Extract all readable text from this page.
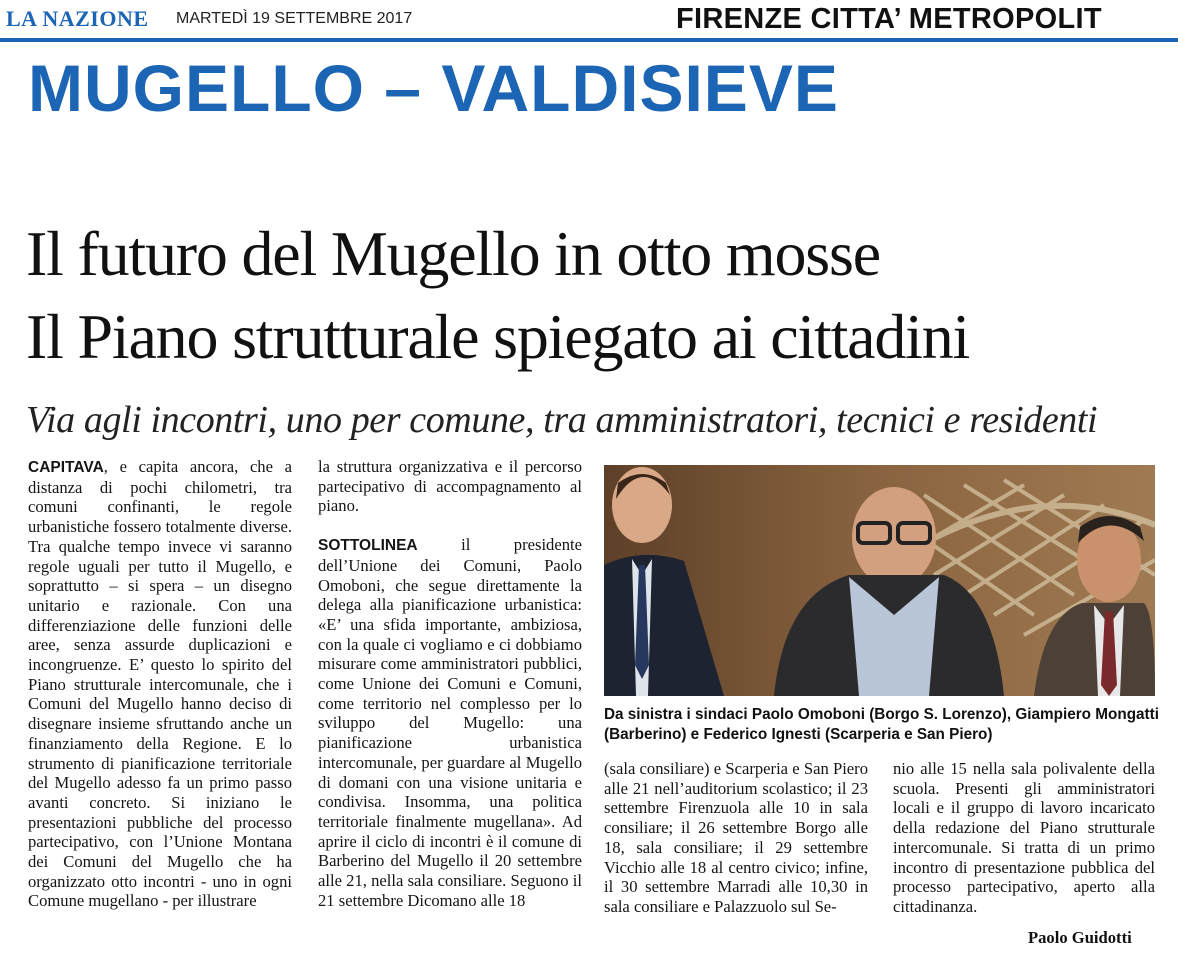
LA NAZIONE MARTEDÌ 19 SETTEMBRE 2017	FIRENZE CITTA’ METROPOLIT
MUGELLO – VALDISIEVE
Il futuro del Mugello in otto mosse
Il Piano strutturale spiegato ai cittadini
Via agli incontri, uno per comune, tra amministratori, tecnici e residenti

CAPITAVA, e capita ancora, che a distanza di pochi chilometri, tra comuni confinanti, le regole urbanistiche fossero totalmente diverse. Tra qualche tempo invece vi saranno regole uguali per tutto il Mugello, e soprattutto – si spera – un disegno unitario e razionale. Con una differenziazione delle funzioni delle aree, senza assurde duplicazioni e incongruenze. E’ questo lo spirito del Piano strutturale intercomunale, che i Comuni del Mugello hanno deciso di disegnare insieme sfruttando anche un finanziamento della Regione. E lo strumento di pianificazione territoriale del Mugello adesso fa un primo passo avanti concreto. Si iniziano le presentazioni pubbliche del processo partecipativo, con l’Unione Montana dei Comuni del Mugello che ha organizzato otto incontri - uno in ogni Comune mugellano - per illustrare

la struttura organizzativa e il percorso partecipativo di accompagnamento al piano.

SOTTOLINEA il presidente dell’Unione dei Comuni, Paolo Omoboni, che segue direttamente la delega alla pianificazione urbanistica: «E’ una sfida importante, ambiziosa, con la quale ci vogliamo e ci dobbiamo misurare come amministratori pubblici, come Unione dei Comuni e Comuni, come territorio nel complesso per lo sviluppo del Mugello: una pianificazione urbanistica intercomunale, per guardare al Mugello di domani con una visione unitaria e condivisa. Insomma, una politica territoriale finalmente mugellana». Ad aprire il ciclo di incontri è il comune di Barberino del Mugello il 20 settembre alle 21, nella sala consiliare. Seguono il 21 settembre Dicomano alle 18

Da sinistra i sindaci Paolo Omoboni (Borgo S. Lorenzo), Giampiero Mongatti (Barberino) e Federico Ignesti (Scarperia e San Piero)

(sala consiliare) e Scarperia e San Piero alle 21 nell’auditorium scolastico; il 23 settembre Firenzuola alle 10 in sala consiliare; il 26 settembre Borgo alle 18, sala consiliare; il 29 settembre Vicchio alle 18 al centro civico; infine, il 30 settembre Marradi alle 10,30 in sala consiliare e Palazzuolo sul Se-

nio alle 15 nella sala polivalente della scuola. Presenti gli amministratori locali e il gruppo di lavoro incaricato della redazione del Piano strutturale intercomunale. Si tratta di un primo incontro di presentazione pubblica del processo partecipativo, aperto alla cittadinanza.

Paolo Guidotti
